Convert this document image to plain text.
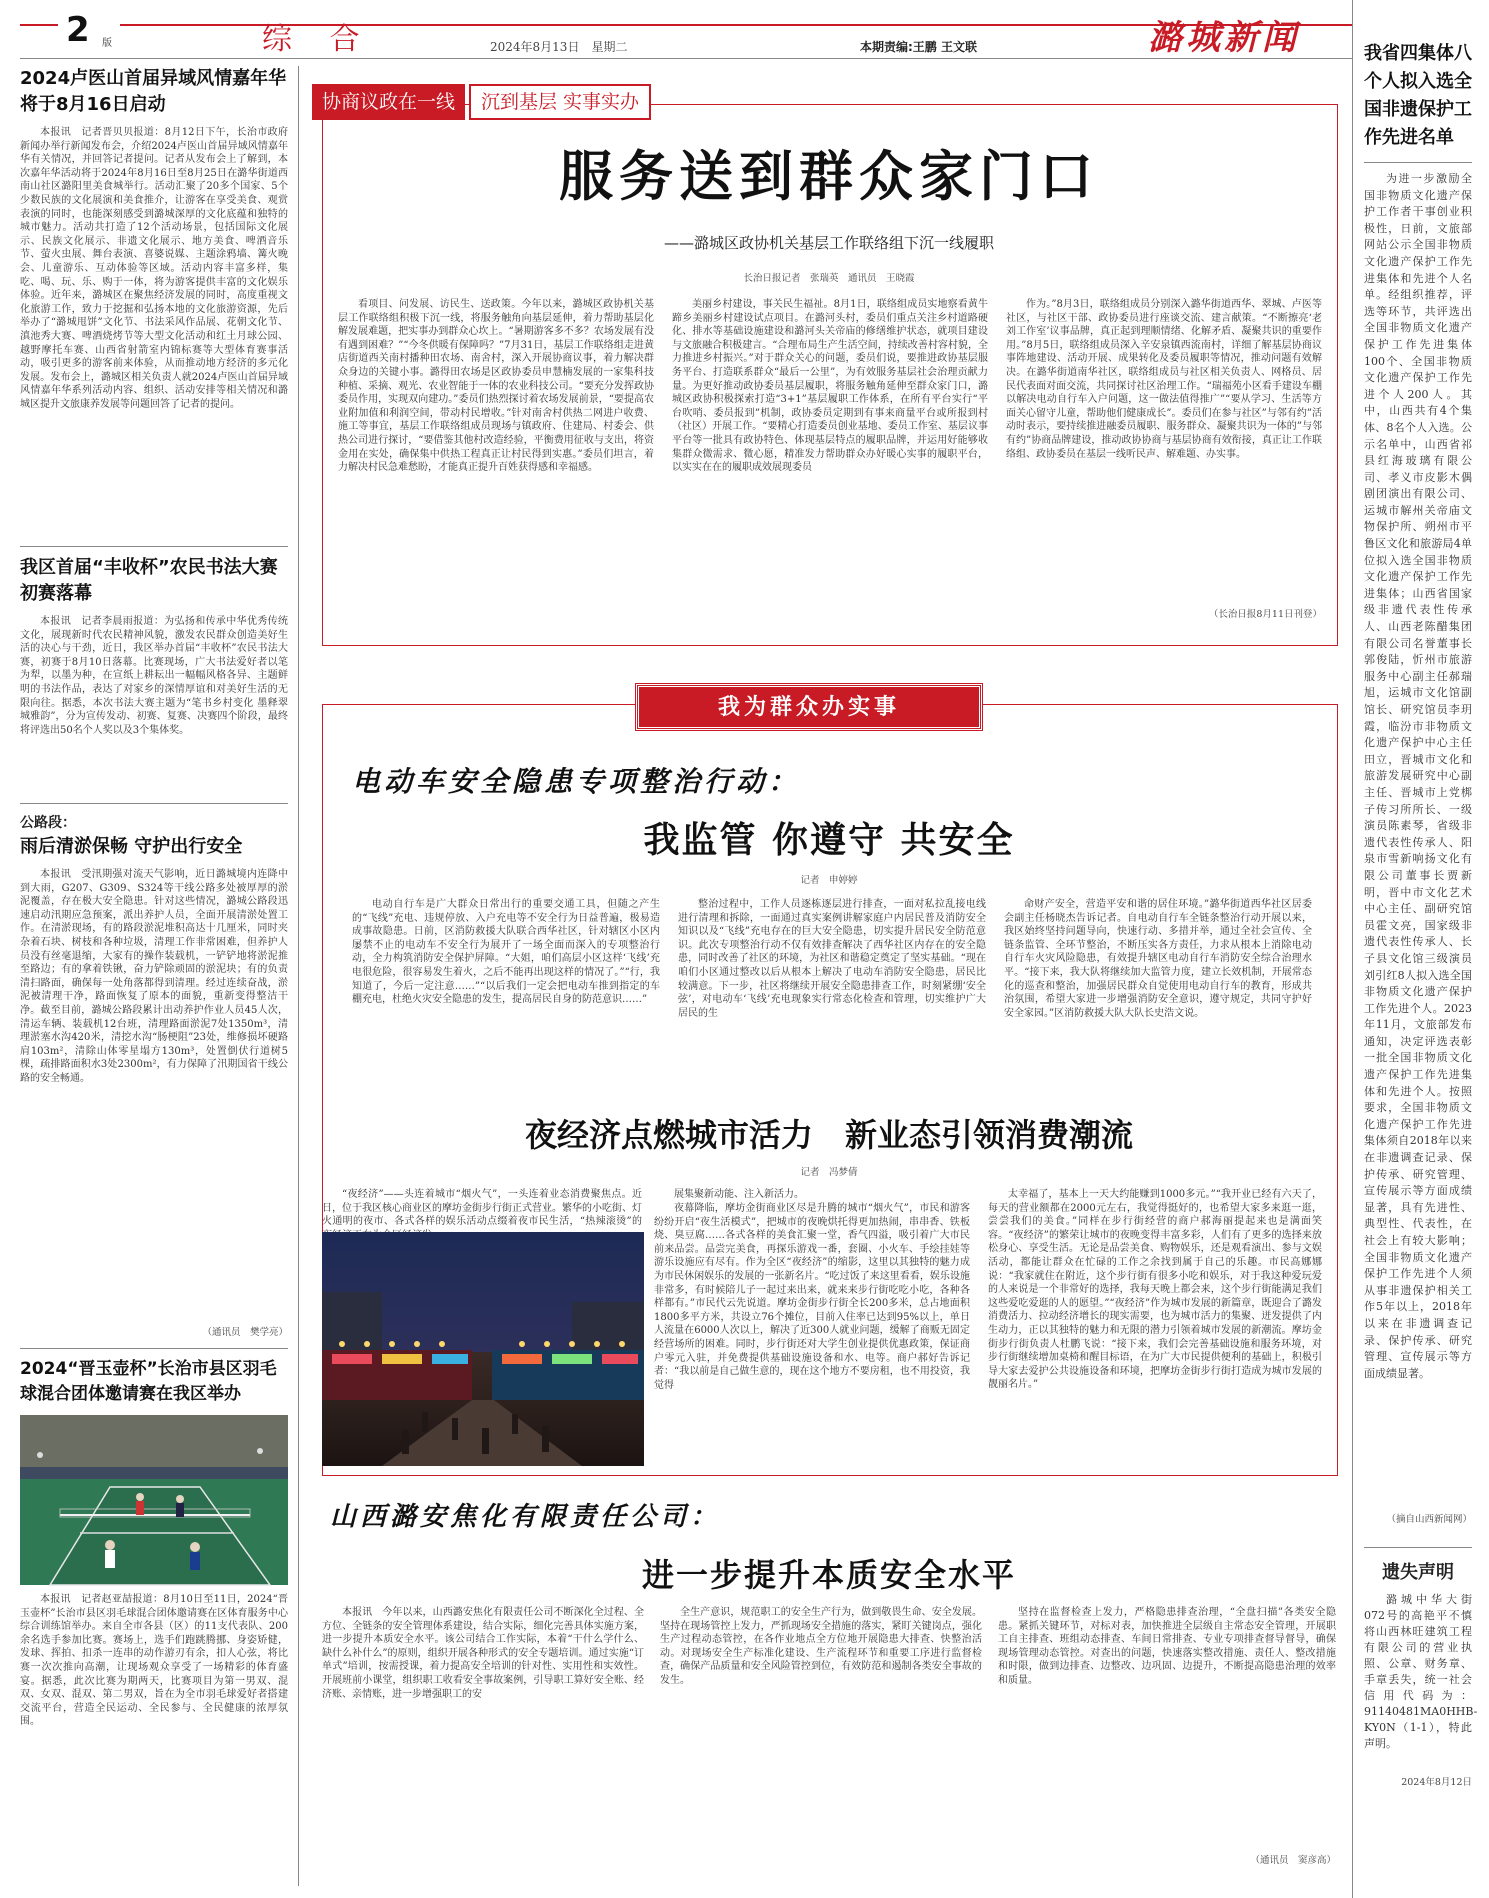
2 版	综 合	2024年8月13日　星期二	本期责编:王鹏 王文联	潞城新闻
2024卢医山首届异域风情嘉年华将于8月16日启动

本报讯　记者晋贝贝报道：8月12日下午，长治市政府新闻办举行新闻发布会，介绍2024卢医山首届异域风情嘉年华有关情况，并回答记者提问。记者从发布会上了解到，本次嘉年华活动将于2024年8月16日至8月25日在潞华街道西南山社区潞阳里美食城举行。活动汇聚了20多个国家、5个少数民族的文化展演和美食推介，让游客在享受美食、观赏表演的同时，也能深刻感受到潞城深厚的文化底蕴和独特的城市魅力。活动共打造了12个活动场景，包括国际文化展示、民族文化展示、非遗文化展示、地方美食、啤酒音乐节、萤火虫展、舞台表演、喜婆说媒、主题涂鸦墙、篝火晚会、儿童游乐、互动体验等区域。活动内容丰富多样，集吃、喝、玩、乐、购于一体，将为游客提供丰富的文化娱乐体验。近年来，潞城区在聚焦经济发展的同时，高度重视文化旅游工作，致力于挖掘和弘扬本地的文化旅游资源，先后举办了“潞城甩饼”文化节、书法采风作品展、花朝文化节、滇池秀大赛、啤酒烧烤节等大型文化活动和红土月球公园、越野摩托车赛、山西省射箭室内锦标赛等大型体育赛事活动，吸引更多的游客前来体验，从而推动地方经济的多元化发展。发布会上，潞城区相关负责人就2024卢医山首届异域风情嘉年华系列活动内容、组织、活动安排等相关情况和潞城区提升文旅康养发展等问题回答了记者的提问。

我区首届“丰收杯”农民书法大赛初赛落幕

本报讯　记者李晨雨报道：为弘扬和传承中华优秀传统文化，展现新时代农民精神风貌，激发农民群众创造美好生活的决心与干劲，近日，我区举办首届“丰收杯”农民书法大赛，初赛于8月10日落幕。比赛现场，广大书法爱好者以笔为犁，以墨为种，在宣纸上耕耘出一幅幅风格各异、主题鲜明的书法作品，表达了对家乡的深情厚谊和对美好生活的无限向往。据悉，本次书法大赛主题为“笔书乡村变化 墨释翠城雅韵”，分为宣传发动、初赛、复赛、决赛四个阶段，最终将评选出50名个人奖以及3个集体奖。

公路段：
雨后清淤保畅 守护出行安全

本报讯　受汛期强对流天气影响，近日潞城境内连降中到大雨，G207、G309、S324等干线公路多处被厚厚的淤泥覆盖，存在极大安全隐患。针对这些情况，潞城公路段迅速启动汛期应急预案，派出养护人员，全面开展清淤处置工作。在清淤现场，有的路段淤泥堆积高达十几厘米，同时夹杂着石块、树枝和各种垃圾，清理工作非常困难，但养护人员没有丝毫退缩，大家有的操作装载机，一铲铲地将淤泥推至路边；有的拿着铁锹，奋力铲除顽固的淤泥块；有的负责清扫路面，确保每一处角落都得到清理。经过连续奋战，淤泥被清理干净，路面恢复了原本的面貌，重新变得整洁干净。截至目前，潞城公路段累计出动养护作业人员45人次，清运车辆、装载机12台班，清理路面淤泥7处1350m³，清理淤塞水沟420米，清挖水沟“肠梗阻”23处，维修损坏硬路肩103m²，清除山体零星塌方130m³，处置倒伏行道树5棵，疏排路面积水3处2300m²，有力保障了汛期国省干线公路的安全畅通。

（通讯员　樊学亮）
2024“晋玉壶杯”长治市县区羽毛球混合团体邀请赛在我区举办

本报讯　记者赵亚喆报道：8月10日至11日，2024“晋玉壶杯”长治市县区羽毛球混合团体邀请赛在区体育服务中心综合训练馆举办。来自全市各县（区）的11支代表队、200余名选手参加比赛。赛场上，选手们跑跳腾挪、身姿矫健，发球、挥拍、扣杀一连串的动作游刃有余，扣人心弦，将比赛一次次推向高潮，让现场观众享受了一场精彩的体育盛宴。据悉，此次比赛为期两天，比赛项目为第一男双、混双、女双、混双、第二男双，旨在为全市羽毛球爱好者搭建交流平台，营造全民运动、全民参与、全民健康的浓厚氛围。

协商议政在一线	沉到基层 实事实办
服务送到群众家门口
——潞城区政协机关基层工作联络组下沉一线履职
长治日报记者　张瑞英　通讯员　王晓霞

看项目、问发展、访民生、送政策。今年以来，潞城区政协机关基层工作联络组积极下沉一线，将服务触角向基层延伸，着力帮助基层化解发展难题，把实事办到群众心坎上。“暑期游客多不多？农场发展有没有遇到困难？”“今冬供暖有保障吗？”7月31日，基层工作联络组走进黄店街道西关南村播种田农场、南舍村，深入开展协商议事，着力解决群众身边的关键小事。潞得田农场是区政协委员申慧楠发展的一家集科技种植、采摘、观光、农业智能于一体的农业科技公司。“要充分发挥政协委员作用，实现双向建功。”委员们热烈探讨着农场发展前景，“要提高农业附加值和利润空间，带动村民增收。”针对南舍村供热二网进户收费、施工等事宜，基层工作联络组成员现场与镇政府、住建局、村委会、供热公司进行探讨，“要借鉴其他村改造经验，平衡费用征收与支出，将资金用在实处，确保集中供热工程真正让村民得到实惠。”委员们坦言，着力解决村民急难愁盼，才能真正提升百姓获得感和幸福感。

美丽乡村建设，事关民生福祉。8月1日，联络组成员实地察看黄牛蹄乡美丽乡村建设试点项目。在潞河头村，委员们重点关注乡村道路硬化、排水等基础设施建设和潞河头关帝庙的修缮维护状态，就项目建设与文旅融合积极建言。“合理布局生产生活空间，持续改善村容村貌，全力推进乡村振兴。”对于群众关心的问题，委员们说，要推进政协基层服务平台、打造联系群众“最后一公里”，为有效服务基层社会治理贡献力量。为更好推动政协委员基层履职，将服务触角延伸至群众家门口，潞城区政协积极探索打造“3+1”基层履职工作体系，在所有平台实行“平台吹哨、委员报到”机制，政协委员定期到有事来商量平台或所报到村（社区）开展工作。“要精心打造委员创业基地、委员工作室、基层议事平台等一批具有政协特色、体现基层特点的履职品牌，并运用好能够收集群众微需求、微心愿，精准发力帮助群众办好暖心实事的履职平台，以实实在在的履职成效展现委员

作为。”8月3日，联络组成员分别深入潞华街道西华、翠城、卢医等社区，与社区干部、政协委员进行座谈交流、建言献策。“不断擦亮‘老刘工作室’议事品牌，真正起到理顺情绪、化解矛盾、凝聚共识的重要作用。”8月5日，联络组成员深入辛安泉镇西流南村，详细了解基层协商议事阵地建设、活动开展、成果转化及委员履职等情况，推动问题有效解决。在潞华街道南华社区，联络组成员与社区相关负责人、网格员、居民代表面对面交流，共同探讨社区治理工作。“瑞福苑小区看手建设车棚以解决电动自行车入户问题，这一做法值得推广”“要从学习、生活等方面关心留守儿童，帮助他们健康成长”。委员们在参与社区”与邻有约”活动时表示，要持续推进融委员履职、服务群众、凝聚共识为一体的”与邻有约”协商品牌建设，推动政协协商与基层协商有效衔接，真正让工作联络组、政协委员在基层一线听民声、解难题、办实事。

（长治日报8月11日刊登）
我为群众办实事
电动车安全隐患专项整治行动：
我监管 你遵守 共安全
记者　申婷婷

电动自行车是广大群众日常出行的重要交通工具，但随之产生的“飞线”充电、违规停放、入户充电等不安全行为日益普遍，极易造成事故隐患。日前，区消防救援大队联合西华社区，针对辖区小区内屡禁不止的电动车不安全行为展开了一场全面而深入的专项整治行动，全力构筑消防安全保护屏障。“大姐，咱们高层小区这样‘飞线’充电很危险，很容易发生着火，之后不能再出现这样的情况了。”“行，我知道了，今后一定注意……”“以后我们一定会把电动车推到指定的车棚充电，杜绝火灾安全隐患的发生，提高居民自身的防范意识……”

整治过程中，工作人员逐栋逐层进行排查，一面对私拉乱接电线进行清理和拆除，一面通过真实案例讲解家庭户内居民普及消防安全知识以及“飞线”充电存在的巨大安全隐患，切实提升居民安全防范意识。此次专项整治行动不仅有效排查解决了西华社区内存在的安全隐患，同时改善了社区的环境，为社区和谐稳定奠定了坚实基础。“现在咱们小区通过整改以后从根本上解决了电动车消防安全隐患，居民比较满意。下一步，社区将继续开展安全隐患排查工作，时刻紧绷‘安全弦’，对电动车‘飞线’充电现象实行常态化检查和管理，切实维护广大居民的生

命财产安全，营造平安和谐的居住环境。”潞华街道西华社区居委会副主任杨晓杰告诉记者。自电动自行车全链条整治行动开展以来，我区始终坚持问题导向，快速行动、多措并举，通过全社会宣传、全链条监管、全环节整治，不断压实各方责任，力求从根本上消除电动自行车火灾风险隐患，有效提升辖区电动自行车消防安全综合治理水平。“接下来，我大队将继续加大监管力度，建立长效机制，开展常态化的巡查和整治，加强居民群众自觉使用电动自行车的教育，形成共治氛围，希望大家进一步增强消防安全意识，遵守规定，共同守护好安全家园。”区消防救援大队大队长史浩文说。

夜经济点燃城市活力　新业态引领消费潮流
记者　冯梦倩

“夜经济”——头连着城市“烟火气”，一头连着业态消费聚焦点。近日，位于我区核心商业区的摩坊金街步行街正式营业。繁华的小吃街、灯火通明的夜市、各式各样的娱乐活动点缀着夜市民生活，“热辣滚烫”的

展集聚新动能、注入新活力。

夜幕降临，摩坊金街商业区尽是升腾的城市“烟火气”，市民和游客纷纷开启“夜生活模式”，把城市的夜晚烘托得更加热闹，串串香、铁板烧、臭豆腐……各式各样的美食汇聚一堂，香气四溢，吸引着广大市民前来品尝。品尝完美食，再探乐游戏一番，套圈、小火车、手绘挂娃等游乐设施应有尽有。作为全区“夜经济”的缩影，这里以其独特的魅力成为市民休闲娱乐的发展的一张新名片。“吃过饭了来这里看看，娱乐设施非常多，有时候陪儿子一起过来出来，就来来步行街吃吃小吃，各种各样都有。”市民代云先说道。摩坊金街步行街全长200多米，总占地面积1800多平方米，共设立76个摊位，目前入住率已达到95%以上，单日人流量在6000人次以上，解决了近300人就业问题，缓解了商贩无固定经营场所的困难。同时，步行街还对大学生创业提供优惠政策，保证商户零元入驻，并免费提供基础设施设备和水、电等。商户郝好告诉记者：“我以前是自己做生意的，现在这个地方不要房租，也不用投资，我觉得

太幸福了，基本上一天大约能赚到1000多元。”“我开业已经有六天了，每天的营业额都在2000元左右，我觉得挺好的，也希望大家多来逛一逛，尝尝我们的美食。”同样在步行街经营的商户郝海丽提起来也是满面笑容。“夜经济”的繁荣让城市的夜晚变得丰富多彩，人们有了更多的选择来放松身心、享受生活。无论是品尝美食、购物娱乐，还是观看演出、参与文娱活动，都能让群众在忙碌的工作之余找到属于自己的乐趣。市民高娜娜说：“我家就住在附近，这个步行街有很多小吃和娱乐，对于我这种爱玩爱的人来说是一个非常好的选择，我每天晚上都会来，这个步行街能满足我们这些爱吃爱逛的人的愿望。”“夜经济”作为城市发展的新篇章，既迎合了潞发消费活力、拉动经济增长的现实需要，也为城市活力的集聚、迸发提供了内生动力，正以其独特的魅力和无限的潜力引领着城市发展的新潮流。摩坊金街步行街负责人杜鹏飞说：“接下来，我们会完善基础设施和服务环境，对步行街继续增加桌椅和醒目标语，在为广大市民提供便利的基础上，积极引导大家去爱护公共设施设备和环境，把摩坊金街步行街打造成为城市发展的靓丽名片。”

山西潞安焦化有限责任公司：
进一步提升本质安全水平

本报讯　今年以来，山西潞安焦化有限责任公司不断深化全过程、全方位、全链条的安全管理体系建设，结合实际，细化完善具体实施方案，进一步提升本质安全水平。该公司结合工作实际，本着“干什么学什么、缺什么补什么”的原则，组织开展各种形式的安全专题培训。通过实施“订单式”培训，按需授课，着力提高安全培训的针对性、实用性和实效性。开展班前小课堂，组织职工收看安全事故案例，引导职工算好安全账、经济账、亲情账，进一步增强职工的安

全生产意识，规范职工的安全生产行为，做到敬畏生命、安全发展。坚持在现场管控上发力，严抓现场安全措施的落实，紧盯关键岗点，强化生产过程动态管控，在各作业地点全方位地开展隐患大排查、快整治活动。对现场安全生产标准化建设、生产流程环节和重要工序进行监督检查，确保产品质量和安全风险管控到位，有效防范和遏制各类安全事故的发生。

坚持在监督检查上发力，严格隐患排查治理，“全盘扫描”各类安全隐患。紧抓关键环节，对标对表，加快推进全层级自主常态安全管理，开展职工自主排查、班组动态排查、车间日常排查、专业专项排查督导督导，确保现场管理动态管控。对查出的问题，快速落实整改措施、责任人、整改措施和时限，做到边排查、边整改、边巩固、边提升，不断提高隐患治理的效率和质量。

（通讯员　窦彦高）
我省四集体八个人拟入选全国非遗保护工作先进名单

为进一步激励全国非物质文化遗产保护工作者干事创业积极性，日前，文旅部网站公示全国非物质文化遗产保护工作先进集体和先进个人名单。经组织推荐，评选等环节，共评选出全国非物质文化遗产保护工作先进集体100个、全国非物质文化遗产保护工作先进个人200人。其中，山西共有4个集体、8名个人入选。公示名单中，山西省祁县红海玻璃有限公司、孝义市皮影木偶剧团演出有限公司、运城市解州关帝庙文物保护所、朔州市平鲁区文化和旅游局4单位拟入选全国非物质文化遗产保护工作先进集体；山西省国家级非遗代表性传承人、山西老陈醋集团有限公司名誉董事长郭俊陆，忻州市旅游服务中心副主任郝瑞旭，运城市文化馆副馆长、研究馆员李玥霞，临汾市非物质文化遗产保护中心主任田立，晋城市文化和旅游发展研究中心副主任、晋城市上党梆子传习所所长、一级演员陈素琴，省级非遗代表性传承人、阳泉市雪新响扬文化有限公司董事长贾新明，晋中市文化艺术中心主任、副研究馆员霍文亮，国家级非遗代表性传承人、长子县文化馆三级演员刘引红8人拟入选全国非物质文化遗产保护工作先进个人。2023年11月，文旅部发布通知，决定评选表彰一批全国非物质文化遗产保护工作先进集体和先进个人。按照要求，全国非物质文化遗产保护工作先进集体须自2018年以来在非遗调查记录、保护传承、研究管理、宣传展示等方面成绩显著，具有先进性、典型性、代表性，在社会上有较大影响；全国非物质文化遗产保护工作先进个人须从事非遗保护相关工作5年以上，2018年以来在非遗调查记录、保护传承、研究管理、宣传展示等方面成绩显著。

（摘自山西新闻网）
遗失声明

潞城中华大街072号的高艳平不慎将山西林旺建筑工程有限公司的营业执照、公章、财务章、手章丢失，统一社会信用代码为：91140481MA0HHB-KY0N（1-1），特此声明。

2024年8月12日
